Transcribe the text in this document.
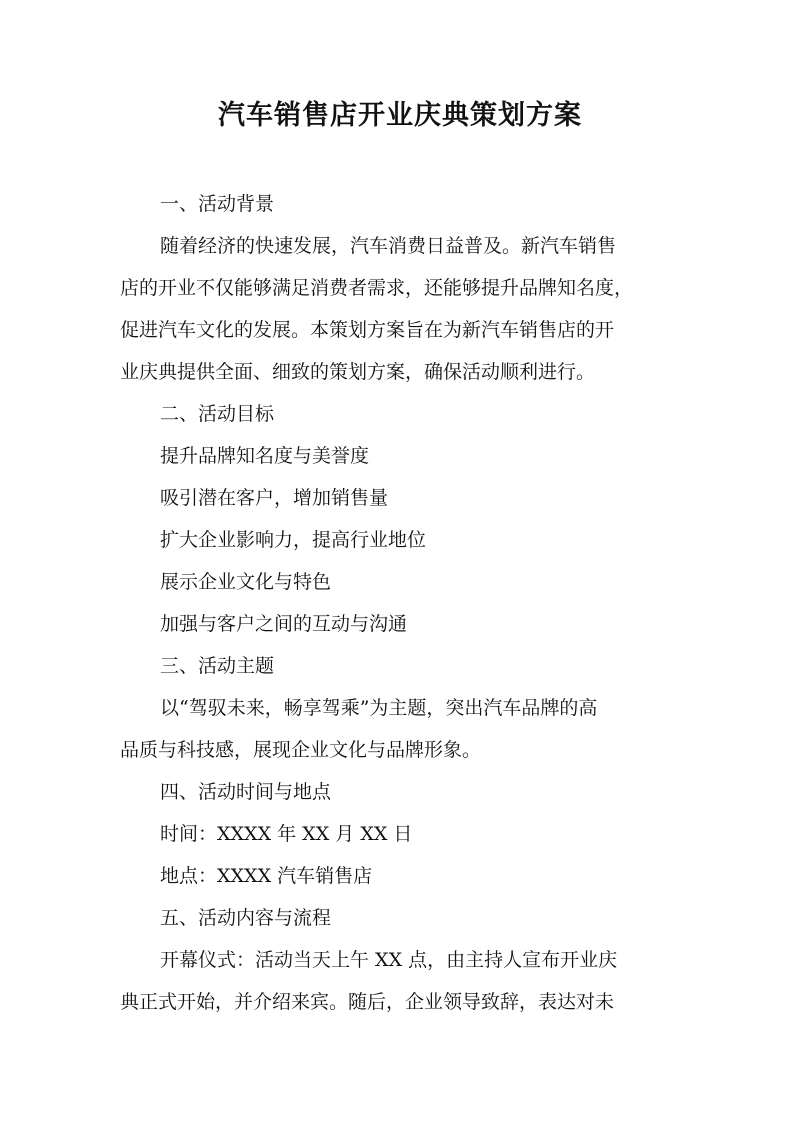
汽车销售店开业庆典策划方案
一、活动背景
随着经济的快速发展，汽车消费日益普及。新汽车销售
店的开业不仅能够满足消费者需求，还能够提升品牌知名度，
促进汽车文化的发展。本策划方案旨在为新汽车销售店的开
业庆典提供全面、细致的策划方案，确保活动顺利进行。
二、活动目标
提升品牌知名度与美誉度
吸引潜在客户，增加销售量
扩大企业影响力，提高行业地位
展示企业文化与特色
加强与客户之间的互动与沟通
三、活动主题
以“驾驭未来，畅享驾乘”为主题，突出汽车品牌的高
品质与科技感，展现企业文化与品牌形象。
四、活动时间与地点
时间：XXXX 年 XX 月 XX 日
地点：XXXX 汽车销售店
五、活动内容与流程
开幕仪式：活动当天上午 XX 点，由主持人宣布开业庆
典正式开始，并介绍来宾。随后，企业领导致辞，表达对未
